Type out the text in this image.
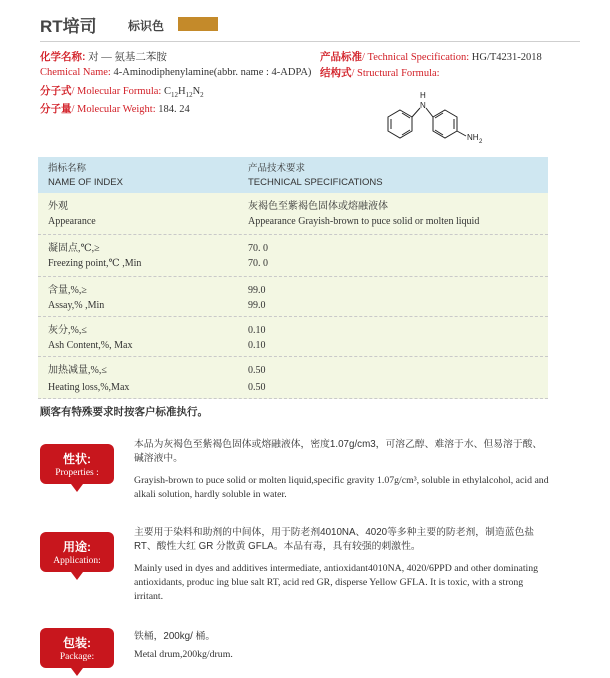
RT培司	标识色
化学名称: 对 — 氨基二苯胺
Chemical Name: 4-Aminodiphenylamine(abbr. name : 4-ADPA)
分子式/ Molecular Formula: $C_{12}H_{12}N_2$
分子量/ Molecular Weight: 184. 24
产品标准/ Technical Specification: HG/T4231-2018
结构式/ Structural Formula:
H
N
NH 2
指标名称
NAME OF INDEX
产品技术要求
TECHNICAL SPECIFICATIONS
外观
Appearance
灰褐色至紫褐色固体或熔融液体
Appearance Grayish-brown to puce solid or molten liquid
凝固点,℃,≥
Freezing point,℃ ,Min
70. 0
70. 0
含量,%,≥
Assay,% ,Min
99.0
99.0
灰分,%,≤
Ash Content,%, Max
0.10
0.10
加热减量,%,≤
Heating loss,%,Max
0.50
0.50
顾客有特殊要求时按客户标准执行。
性状:
Properties :
本品为灰褐色至紫褐色固体或熔融液体，密度1.07g/cm3，可溶乙醇、难溶于水、但易溶于酸、碱溶液中。
Grayish-brown to puce solid or molten liquid,specific gravity 1.07g/cm³, soluble in ethylalcohol, acid and alkali solution, hardly soluble in water.
用途:
Application:
主要用于染料和助剂的中间体，用于防老剂4010NA、4020等多种主要的防老剂，制造蓝色盐RT、酸性大红 GR 分散黄 GFLA。本品有毒，具有较强的刺激性。
Mainly used in dyes and additives intermediate, antioxidant4010NA, 4020/6PPD and other dominating antioxidants, produc ing blue salt RT, acid red GR, disperse Yellow GFLA. It is toxic, with a strong irritant.
包装:
Package:
铁桶，200kg/ 桶。
Metal drum,200kg/drum.
